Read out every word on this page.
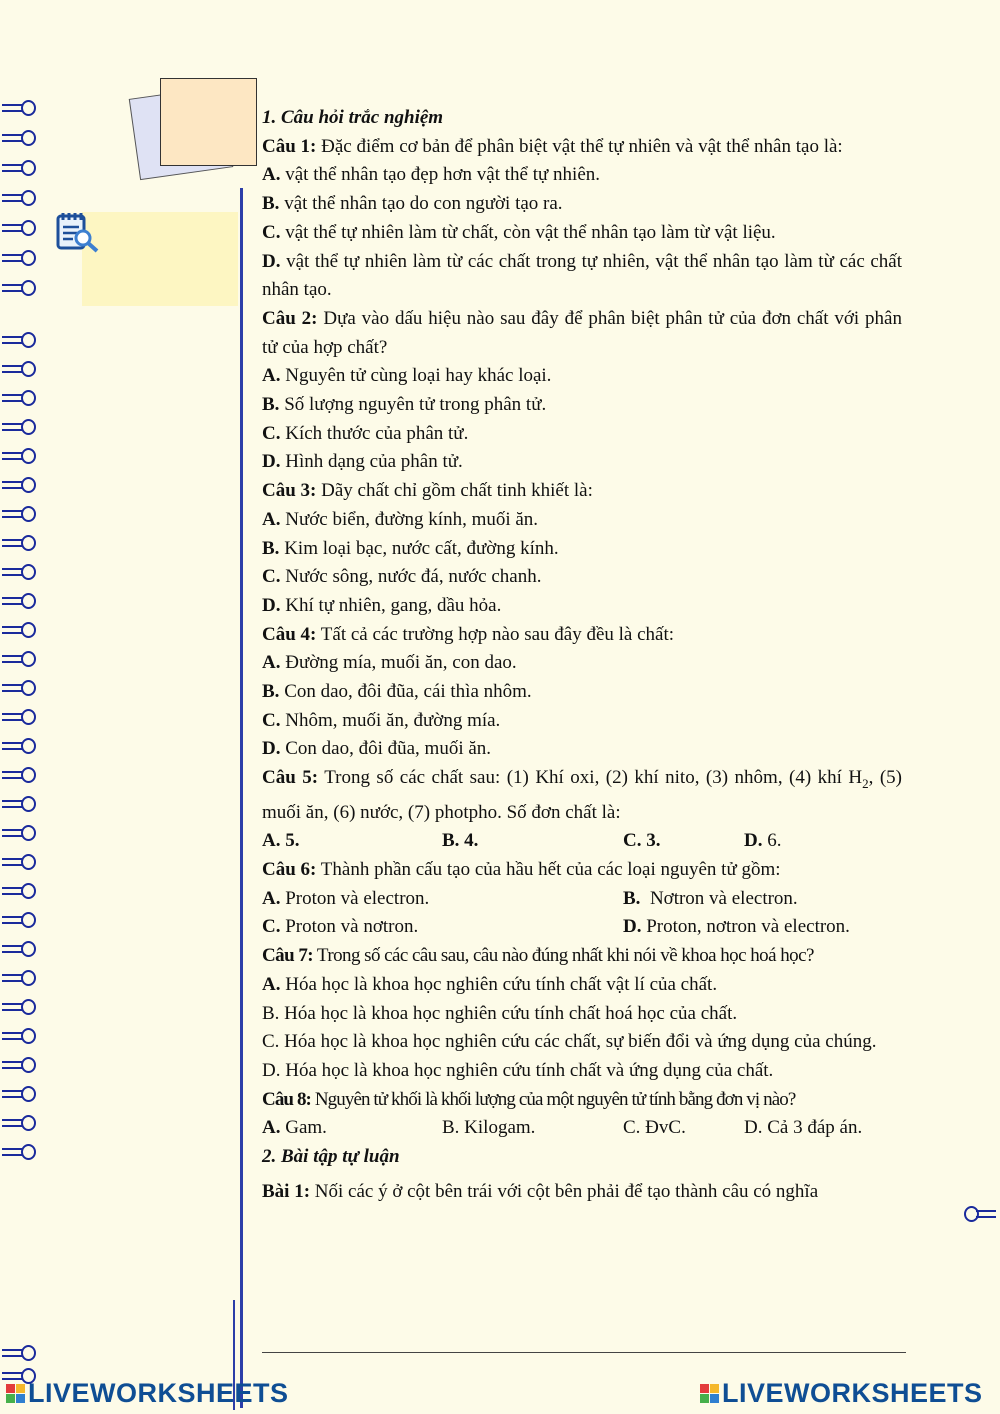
1. Câu hỏi trắc nghiệm

Câu 1: Đặc điểm cơ bản để phân biệt vật thể tự nhiên và vật thể nhân tạo là:

A. vật thể nhân tạo đẹp hơn vật thể tự nhiên.

B. vật thể nhân tạo do con người tạo ra.

C. vật thể tự nhiên làm từ chất, còn vật thể nhân tạo làm từ vật liệu.

D. vật thể tự nhiên làm từ các chất trong tự nhiên, vật thể nhân tạo làm từ các chất nhân tạo.

Câu 2: Dựa vào dấu hiệu nào sau đây để phân biệt phân tử của đơn chất với phân tử của hợp chất?

A. Nguyên tử cùng loại hay khác loại.

B. Số lượng nguyên tử trong phân tử.

C. Kích thước của phân tử.

D. Hình dạng của phân tử.

Câu 3: Dãy chất chỉ gồm chất tinh khiết là:

A. Nước biển, đường kính, muối ăn.

B. Kim loại bạc, nước cất, đường kính.

C. Nước sông, nước đá, nước chanh.

D. Khí tự nhiên, gang, dầu hỏa.

Câu 4: Tất cả các trường hợp nào sau đây đều là chất:

A. Đường mía, muối ăn, con dao.

B. Con dao, đôi đũa, cái thìa nhôm.

C. Nhôm, muối ăn, đường mía.

D. Con dao, đôi đũa, muối ăn.

Câu 5: Trong số các chất sau: (1) Khí oxi, (2) khí nito, (3) nhôm, (4) khí $H_2$, (5) muối ăn, (6) nước, (7) photpho. Số đơn chất là:

A. 5.	B. 4.	C. 3.	D. 6.

Câu 6: Thành phần cấu tạo của hầu hết của các loại nguyên tử gồm:

A. Proton và electron.	B.  Nơtron và electron.
C. Proton và nơtron.	D. Proton, nơtron và electron.

Câu 7: Trong số các câu sau, câu nào đúng nhất khi nói về khoa học hoá học?

A. Hóa học là khoa học nghiên cứu tính chất vật lí của chất.

B. Hóa học là khoa học nghiên cứu tính chất hoá học của chất.

C. Hóa học là khoa học nghiên cứu các chất, sự biến đổi và ứng dụng của chúng.

D. Hóa học là khoa học nghiên cứu tính chất và ứng dụng của chất.

Câu 8: Nguyên tử khối là khối lượng của một nguyên tử tính bằng đơn vị nào?

A. Gam.	B. Kilogam.	C. ĐvC.	D. Cả 3 đáp án.

2. Bài tập tự luận

Bài 1: Nối các ý ở cột bên trái với cột bên phải để tạo thành câu có nghĩa

LIVEWORKSHEETS	LIVEWORKSHEETS
